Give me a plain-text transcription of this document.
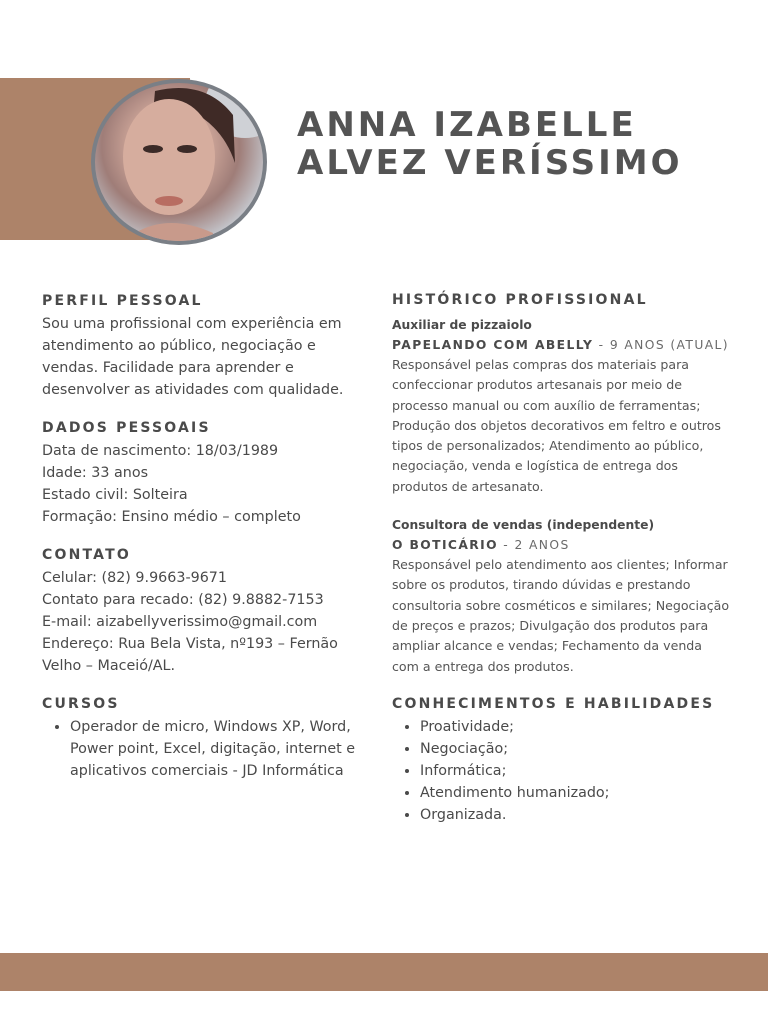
ANNA IZABELLE
ALVEZ VERÍSSIMO
PERFIL PESSOAL

Sou uma profissional com experiência em atendimento ao público, negociação e vendas. Facilidade para aprender e desenvolver as atividades com qualidade.

DADOS PESSOAIS

Data de nascimento: 18/03/1989

Idade: 33 anos

Estado civil: Solteira

Formação: Ensino médio – completo

CONTATO

Celular: (82) 9.9663-9671

Contato para recado: (82) 9.8882-7153

E-mail: aizabellyverissimo@gmail.com

Endereço: Rua Bela Vista, nº193 – Fernão Velho – Maceió/AL.

CURSOS
• Operador de micro, Windows XP, Word, Power point, Excel, digitação, internet e aplicativos comerciais - JD Informática
HISTÓRICO PROFISSIONAL
Auxiliar de pizzaiolo
PAPELANDO COM ABELLY - 9 ANOS (ATUAL)

Responsável pelas compras dos materiais para confeccionar produtos artesanais por meio de processo manual ou com auxílio de ferramentas; Produção dos objetos decorativos em feltro e outros tipos de personalizados; Atendimento ao público, negociação, venda e logística de entrega dos produtos de artesanato.

Consultora de vendas (independente)
O BOTICÁRIO - 2 ANOS

Responsável pelo atendimento aos clientes; Informar sobre os produtos, tirando dúvidas e prestando consultoria sobre cosméticos e similares; Negociação de preços e prazos; Divulgação dos produtos para ampliar alcance e vendas; Fechamento da venda com a entrega dos produtos.

CONHECIMENTOS E HABILIDADES
• Proatividade;
• Negociação;
• Informática;
• Atendimento humanizado;
• Organizada.
